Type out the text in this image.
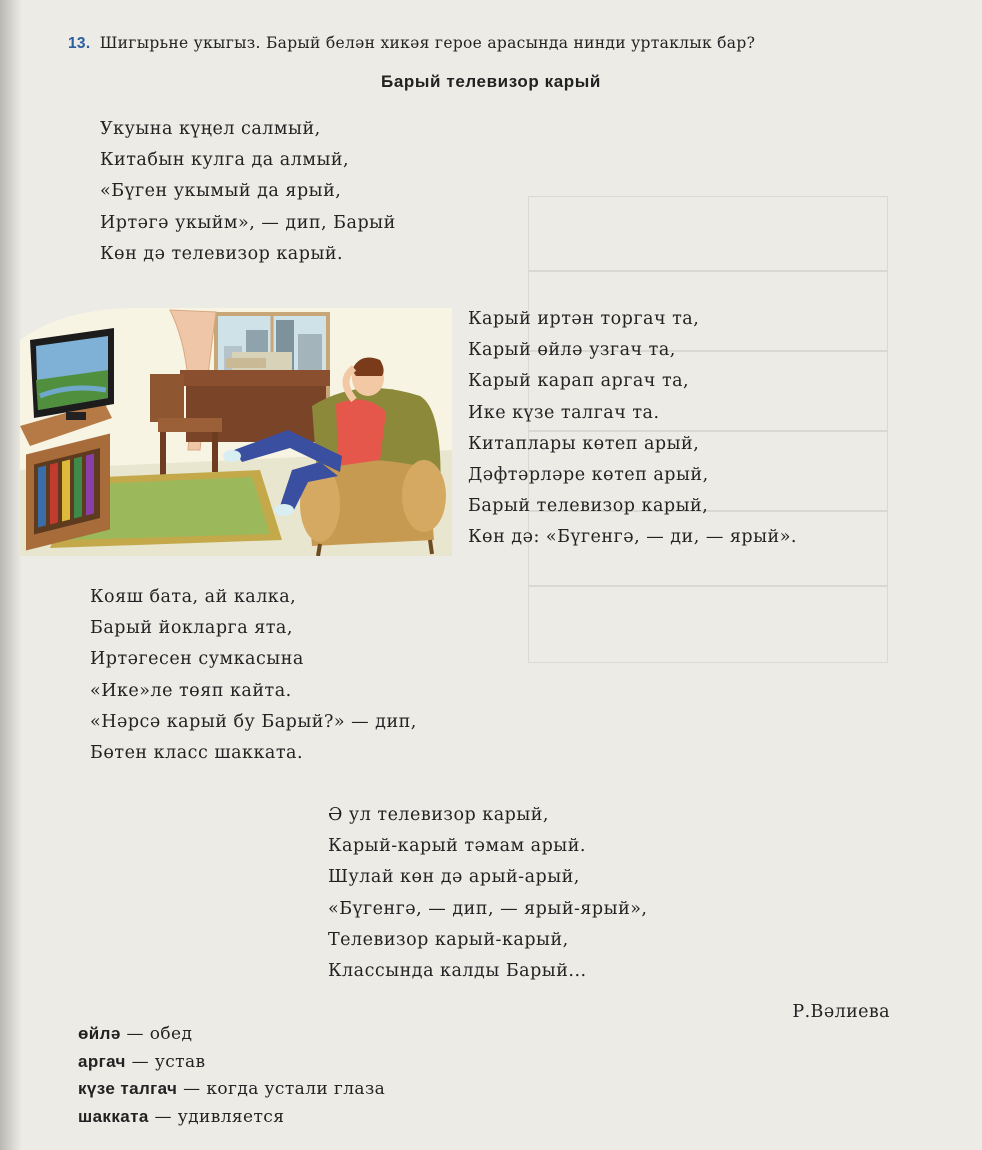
13. Шигырьне укыгыз. Барый белән хикәя герое арасында нинди уртаклык бар?
Барый телевизор карый
Укуына күңел салмый,
Китабын кулга да алмый,
«Бүген укымый да ярый,
Иртәгә укыйм», — дип, Барый
Көн дә телевизор карый.
Карый иртән торгач та,
Карый өйлә узгач та,
Карый карап аргач та,
Ике күзе талгач та.
Китаплары көтеп арый,
Дәфтәрләре көтеп арый,
Барый телевизор карый,
Көн дә: «Бүгенгә, — ди, — ярый».
Кояш бата, ай калка,
Барый йокларга ята,
Иртәгесен сумкасына
«Ике»ле төяп кайта.
«Нәрсә карый бу Барый?» — дип,
Бөтен класс шакката.
Ә ул телевизор карый,
Карый-карый тәмам арый.
Шулай көн дә арый-арый,
«Бүгенгә, — дип, — ярый-ярый»,
Телевизор карый-карый,
Классында калды Барый...
Р.Вәлиева
өйлә — обед
аргач — устав
күзе талгач — когда устали глаза
шакката — удивляется
